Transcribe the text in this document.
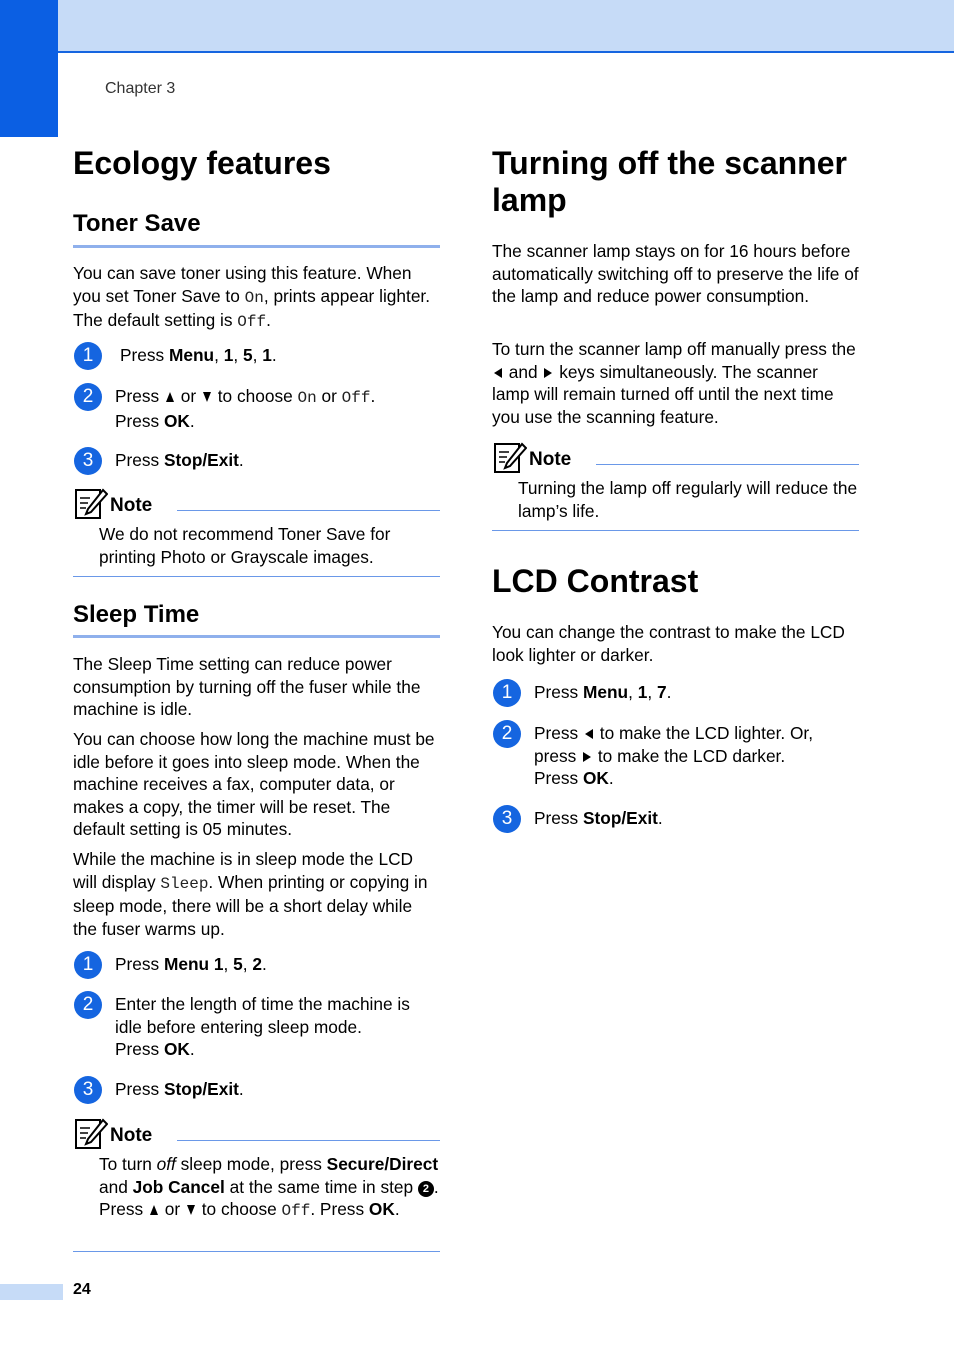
Chapter 3
Ecology features
Toner Save

You can save toner using this feature. When you set Toner Save to On, prints appear lighter. The default setting is Off.

1	Press Menu, 1, 5, 1.
2	Press  or  to choose On or Off.
Press OK.
3	Press Stop/Exit.
Note
We do not recommend Toner Save for printing Photo or Grayscale images.
Sleep Time

The Sleep Time setting can reduce power consumption by turning off the fuser while the machine is idle.

You can choose how long the machine must be idle before it goes into sleep mode. When the machine receives a fax, computer data, or makes a copy, the timer will be reset. The default setting is 05 minutes.

While the machine is in sleep mode the LCD will display Sleep. When printing or copying in sleep mode, there will be a short delay while the fuser warms up.

1	Press Menu 1, 5, 2.
2	Enter the length of time the machine is idle before entering sleep mode.
Press OK.
3	Press Stop/Exit.
Note
To turn off sleep mode, press Secure/Direct and Job Cancel at the same time in step 2 . Press  or  to choose Off. Press OK.
Turning off the scanner lamp

The scanner lamp stays on for 16 hours before automatically switching off to preserve the life of the lamp and reduce power consumption.

To turn the scanner lamp off manually press the  and  keys simultaneously. The scanner lamp will remain turned off until the next time you use the scanning feature.

Note
Turning the lamp off regularly will reduce the lamp’s life.
LCD Contrast

You can change the contrast to make the LCD look lighter or darker.

1	Press Menu, 1, 7.
2	Press  to make the LCD lighter. Or,
press  to make the LCD darker.
Press OK.
3	Press Stop/Exit.
24
